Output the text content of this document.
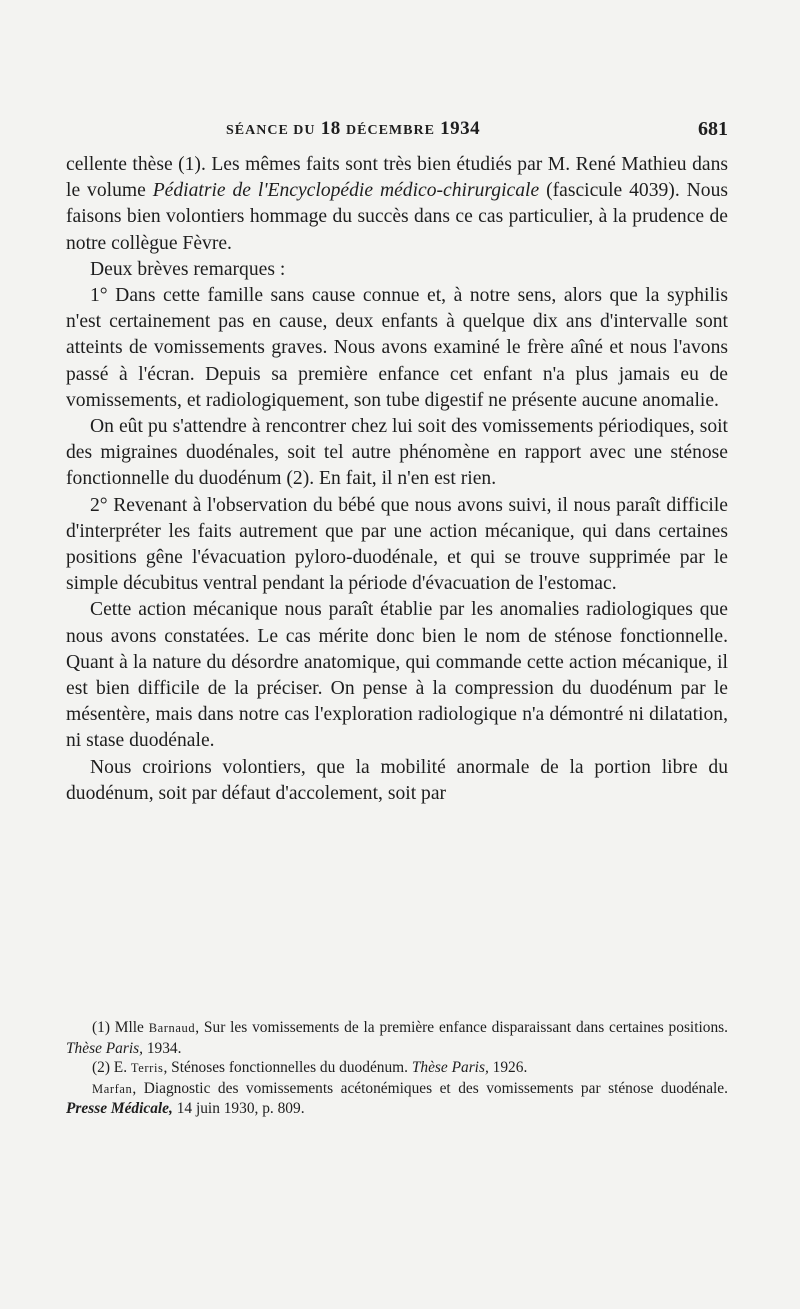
SÉANCE DU 18 DÉCEMBRE 1934	681

cellente thèse (1). Les mêmes faits sont très bien étudiés par M. René Mathieu dans le volume Pédiatrie de l'Encyclopédie médico-chirurgicale (fascicule 4039). Nous faisons bien volontiers hommage du succès dans ce cas particulier, à la prudence de notre collègue Fèvre.

Deux brèves remarques :

1° Dans cette famille sans cause connue et, à notre sens, alors que la syphilis n'est certainement pas en cause, deux enfants à quelque dix ans d'intervalle sont atteints de vomissements graves. Nous avons examiné le frère aîné et nous l'avons passé à l'écran. Depuis sa première enfance cet enfant n'a plus jamais eu de vomissements, et radiologiquement, son tube digestif ne présente aucune anomalie.

On eût pu s'attendre à rencontrer chez lui soit des vomissements périodiques, soit des migraines duodénales, soit tel autre phénomène en rapport avec une sténose fonctionnelle du duodénum (2). En fait, il n'en est rien.

2° Revenant à l'observation du bébé que nous avons suivi, il nous paraît difficile d'interpréter les faits autrement que par une action mécanique, qui dans certaines positions gêne l'évacuation pyloro-duodénale, et qui se trouve supprimée par le simple décubitus ventral pendant la période d'évacuation de l'estomac.

Cette action mécanique nous paraît établie par les anomalies radiologiques que nous avons constatées. Le cas mérite donc bien le nom de sténose fonctionnelle. Quant à la nature du désordre anatomique, qui commande cette action mécanique, il est bien difficile de la préciser. On pense à la compression du duodénum par le mésentère, mais dans notre cas l'exploration radiologique n'a démontré ni dilatation, ni stase duodénale.

Nous croirions volontiers, que la mobilité anormale de la portion libre du duodénum, soit par défaut d'accolement, soit par

(1) Mlle Barnaud, Sur les vomissements de la première enfance disparaissant dans certaines positions. Thèse Paris, 1934.

(2) E. Terris, Sténoses fonctionnelles du duodénum. Thèse Paris, 1926.

Marfan, Diagnostic des vomissements acétonémiques et des vomissements par sténose duodénale. Presse Médicale, 14 juin 1930, p. 809.
